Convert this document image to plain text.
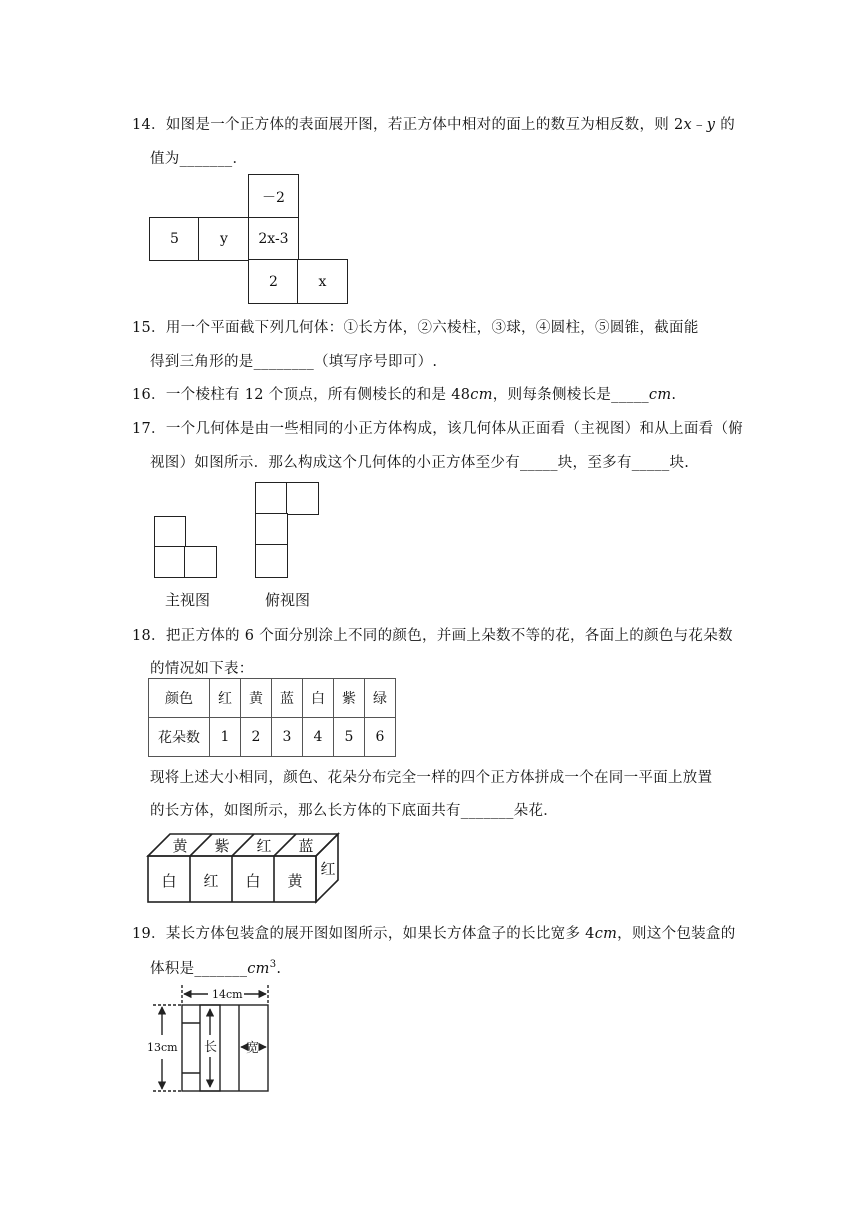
14．如图是一个正方体的表面展开图，若正方体中相对的面上的数互为相反数，则 2x﹣y 的
值为_______．
－2
5	y	2x-3
2	x
15．用一个平面截下列几何体：①长方体，②六棱柱，③球，④圆柱，⑤圆锥，截面能
得到三角形的是________（填写序号即可）.
16．一个棱柱有 12 个顶点，所有侧棱长的和是 48cm，则每条侧棱长是_____cm.
17．一个几何体是由一些相同的小正方体构成，该几何体从正面看（主视图）和从上面看（俯
视图）如图所示．那么构成这个几何体的小正方体至少有_____块，至多有_____块.
主视图	俯视图
18．把正方体的 6 个面分别涂上不同的颜色，并画上朵数不等的花，各面上的颜色与花朵数
的情况如下表：
颜色	红	黄	蓝	白	紫	绿
花朵数	1	2	3	4	5	6
现将上述大小相同，颜色、花朵分布完全一样的四个正方体拼成一个在同一平面上放置
的长方体，如图所示，那么长方体的下底面共有_______朵花．
黄 紫 红 蓝
白 红 白 黄
红
19．某长方体包装盒的展开图如图所示，如果长方体盒子的长比宽多 4cm，则这个包装盒的
体积是$\_\_\_\_\_\_\_cm^3$.
14cm
13cm 长 宽
